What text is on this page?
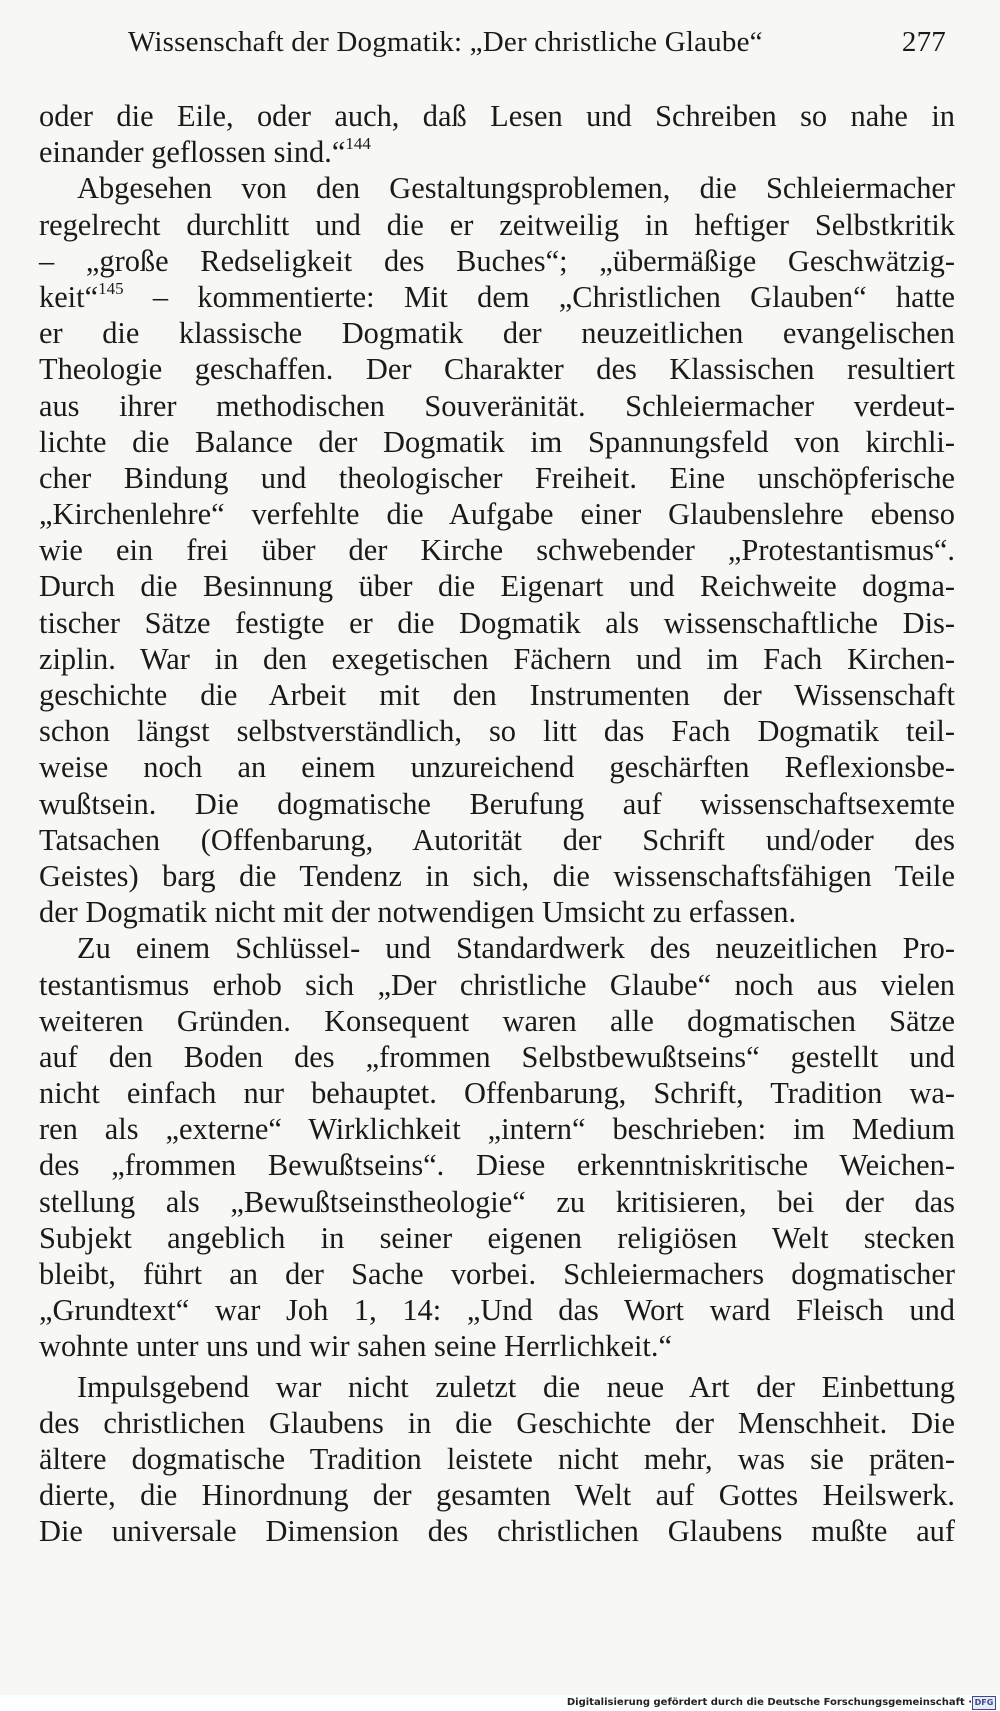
Wissenschaft der Dogmatik: „Der christliche Glaube“	277
oder die Eile, oder auch, daß Lesen und Schreiben so nahe in
einander geflossen sind.“$^{144}$
Abgesehen von den Gestaltungsproblemen, die Schleiermacher
regelrecht durchlitt und die er zeitweilig in heftiger Selbstkritik
– „große Redseligkeit des Buches“; „übermäßige Geschwätzig-
keit“$^{145}$ – kommentierte: Mit dem „Christlichen Glauben“ hatte
er die klassische Dogmatik der neuzeitlichen evangelischen
Theologie geschaffen. Der Charakter des Klassischen resultiert
aus ihrer methodischen Souveränität. Schleiermacher verdeut-
lichte die Balance der Dogmatik im Spannungsfeld von kirchli-
cher Bindung und theologischer Freiheit. Eine unschöpferische
„Kirchenlehre“ verfehlte die Aufgabe einer Glaubenslehre ebenso
wie ein frei über der Kirche schwebender „Protestantismus“.
Durch die Besinnung über die Eigenart und Reichweite dogma-
tischer Sätze festigte er die Dogmatik als wissenschaftliche Dis-
ziplin. War in den exegetischen Fächern und im Fach Kirchen-
geschichte die Arbeit mit den Instrumenten der Wissenschaft
schon längst selbstverständlich, so litt das Fach Dogmatik teil-
weise noch an einem unzureichend geschärften Reflexionsbe-
wußtsein. Die dogmatische Berufung auf wissenschaftsexemte
Tatsachen (Offenbarung, Autorität der Schrift und/oder des
Geistes) barg die Tendenz in sich, die wissenschaftsfähigen Teile
der Dogmatik nicht mit der notwendigen Umsicht zu erfassen.
Zu einem Schlüssel- und Standardwerk des neuzeitlichen Pro-
testantismus erhob sich „Der christliche Glaube“ noch aus vielen
weiteren Gründen. Konsequent waren alle dogmatischen Sätze
auf den Boden des „frommen Selbstbewußtseins“ gestellt und
nicht einfach nur behauptet. Offenbarung, Schrift, Tradition wa-
ren als „externe“ Wirklichkeit „intern“ beschrieben: im Medium
des „frommen Bewußtseins“. Diese erkenntniskritische Weichen-
stellung als „Bewußtseinstheologie“ zu kritisieren, bei der das
Subjekt angeblich in seiner eigenen religiösen Welt stecken
bleibt, führt an der Sache vorbei. Schleiermachers dogmatischer
„Grundtext“ war Joh 1, 14: „Und das Wort ward Fleisch und
wohnte unter uns und wir sahen seine Herrlichkeit.“
Impulsgebend war nicht zuletzt die neue Art der Einbettung
des christlichen Glaubens in die Geschichte der Menschheit. Die
ältere dogmatische Tradition leistete nicht mehr, was sie präten-
dierte, die Hinordnung der gesamten Welt auf Gottes Heilswerk.
Die universale Dimension des christlichen Glaubens mußte auf
Digitalisierung gefördert durch die Deutsche Forschungsgemeinschaft · DFG
